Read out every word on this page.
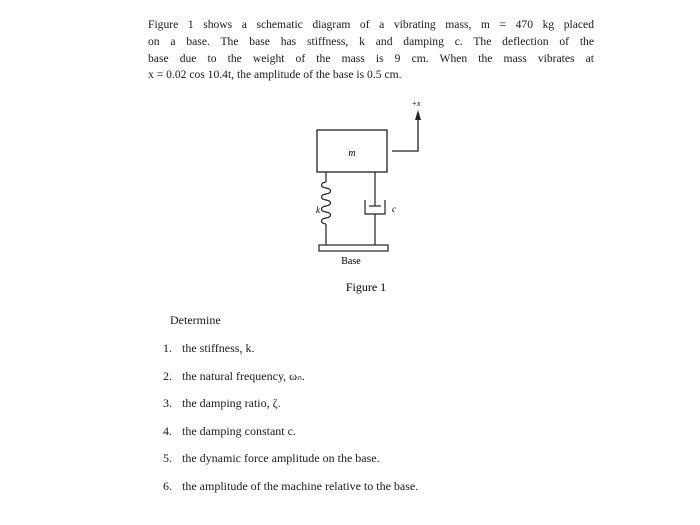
Figure 1 shows a schematic diagram of a vibrating mass, m = 470 kg placed
on a base. The base has stiffness, k and damping c. The deflection of the
base due to the weight of the mass is 9 cm. When the mass vibrates at
x = 0.02 cos 10.4t, the amplitude of the base is 0.5 cm.
m
+x
k	c
Base
Figure 1
Determine
1. the stiffness, k.
2. the natural frequency, ωₙ.
3. the damping ratio, ζ.
4. the damping constant c.
5. the dynamic force amplitude on the base.
6. the amplitude of the machine relative to the base.
